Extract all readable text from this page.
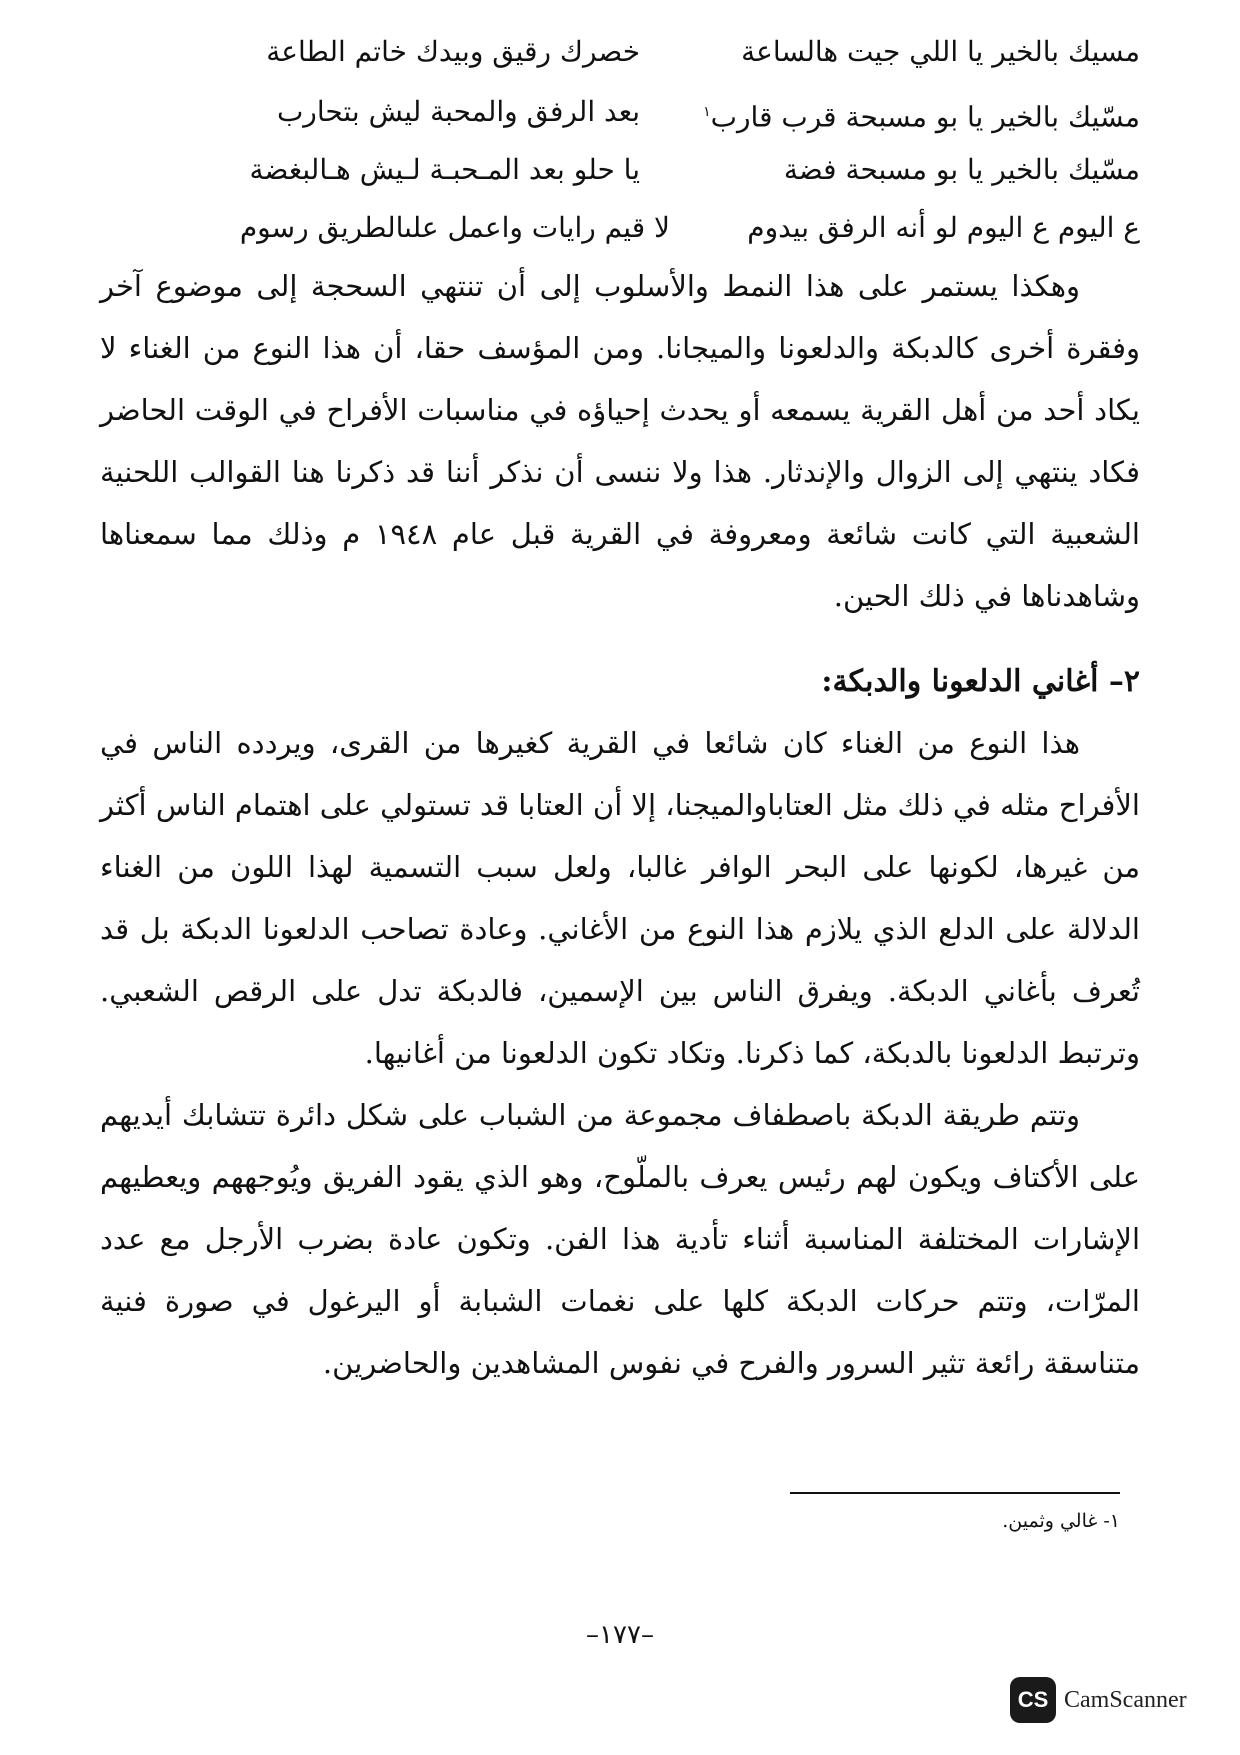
مسيك بالخير يا اللي جيت هالساعة
خصرك رقيق وبيدك خاتم الطاعة
مسّيك بالخير يا بو مسبحة قرب قارب$^١$
بعد الرفق والمحبة ليش بتحارب
مسّيك بالخير يا بو مسبحة فضة
يا حلو بعد المـحبـة لـيش هـالبغضة
ع اليوم ع اليوم لو أنه الرفق بيدوم
لا قيم رايات واعمل علىالطريق رسوم

وهكذا يستمر على هذا النمط والأسلوب إلى أن تنتهي السحجة إلى موضوع آخر وفقرة أخرى كالدبكة والدلعونا والميجانا. ومن المؤسف حقا، أن هذا النوع من الغناء لا يكاد أحد من أهل القرية يسمعه أو يحدث إحياؤه في مناسبات الأفراح في الوقت الحاضر فكاد ينتهي إلى الزوال والإندثار. هذا ولا ننسى أن نذكر أننا قد ذكرنا هنا القوالب اللحنية الشعبية التي كانت شائعة ومعروفة في القرية قبل عام ١٩٤٨ م وذلك مما سمعناها وشاهدناها في ذلك الحين.

٢– أغاني الدلعونا والدبكة:

هذا النوع من الغناء كان شائعا في القرية كغيرها من القرى، ويردده الناس في الأفراح مثله في ذلك مثل العتاباوالميجنا، إلا أن العتابا قد تستولي على اهتمام الناس أكثر من غيرها، لكونها على البحر الوافر غالبا، ولعل سبب التسمية لهذا اللون من الغناء الدلالة على الدلع الذي يلازم هذا النوع من الأغاني. وعادة تصاحب الدلعونا الدبكة بل قد تُعرف بأغاني الدبكة. ويفرق الناس بين الإسمين، فالدبكة تدل على الرقص الشعبي. وترتبط الدلعونا بالدبكة، كما ذكرنا. وتكاد تكون الدلعونا من أغانيها.

وتتم طريقة الدبكة باصطفاف مجموعة من الشباب على شكل دائرة تتشابك أيديهم على الأكتاف ويكون لهم رئيس يعرف بالملّوح، وهو الذي يقود الفريق ويُوجههم ويعطيهم الإشارات المختلفة المناسبة أثناء تأدية هذا الفن. وتكون عادة بضرب الأرجل مع عدد المرّات، وتتم حركات الدبكة كلها على نغمات الشبابة أو اليرغول في صورة فنية متناسقة رائعة تثير السرور والفرح في نفوس المشاهدين والحاضرين.

١- غالي وثمين.
–١٧٧–
CS CamScanner
